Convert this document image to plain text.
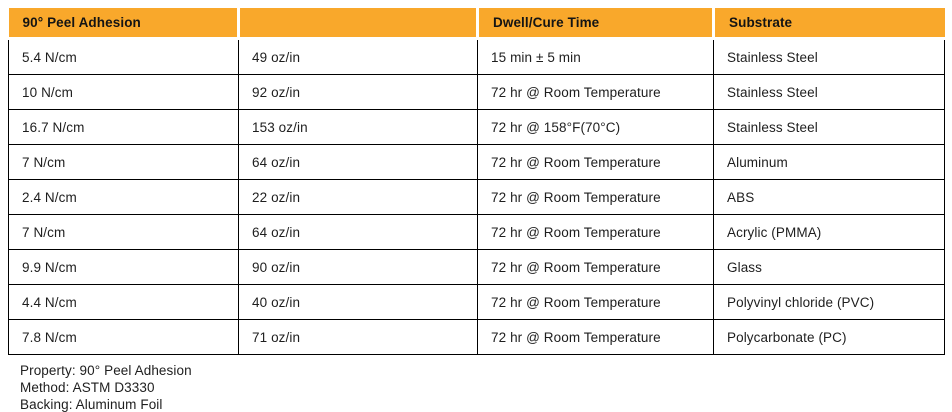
90° Peel Adhesion		Dwell/Cure Time	Substrate
5.4 N/cm	49 oz/in	15 min ± 5 min	Stainless Steel
10 N/cm	92 oz/in	72 hr @ Room Temperature	Stainless Steel
16.7 N/cm	153 oz/in	72 hr @ 158°F(70°C)	Stainless Steel
7 N/cm	64 oz/in	72 hr @ Room Temperature	Aluminum
2.4 N/cm	22 oz/in	72 hr @ Room Temperature	ABS
7 N/cm	64 oz/in	72 hr @ Room Temperature	Acrylic (PMMA)
9.9 N/cm	90 oz/in	72 hr @ Room Temperature	Glass
4.4 N/cm	40 oz/in	72 hr @ Room Temperature	Polyvinyl chloride (PVC)
7.8 N/cm	71 oz/in	72 hr @ Room Temperature	Polycarbonate (PC)
Property: 90° Peel Adhesion
Method: ASTM D3330
Backing: Aluminum Foil
